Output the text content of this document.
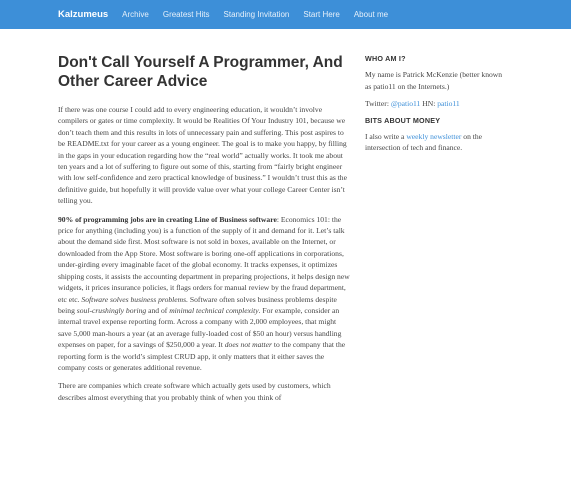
Kalzumeus Archive Greatest Hits Standing Invitation Start Here About me
Don't Call Yourself A Programmer, And Other Career Advice

If there was one course I could add to every engineering education, it wouldn’t involve compilers or gates or time complexity. It would be Realities Of Your Industry 101, because we don’t teach them and this results in lots of unnecessary pain and suffering. This post aspires to be README.txt for your career as a young engineer. The goal is to make you happy, by filling in the gaps in your education regarding how the “real world” actually works. It took me about ten years and a lot of suffering to figure out some of this, starting from “fairly bright engineer with low self-confidence and zero practical knowledge of business.” I wouldn’t trust this as the definitive guide, but hopefully it will provide value over what your college Career Center isn’t telling you.

90% of programming jobs are in creating Line of Business software: Economics 101: the price for anything (including you) is a function of the supply of it and demand for it. Let’s talk about the demand side first. Most software is not sold in boxes, available on the Internet, or downloaded from the App Store. Most software is boring one-off applications in corporations, under-girding every imaginable facet of the global economy. It tracks expenses, it optimizes shipping costs, it assists the accounting department in preparing projections, it helps design new widgets, it prices insurance policies, it flags orders for manual review by the fraud department, etc etc. Software solves business problems. Software often solves business problems despite being soul-crushingly boring and of minimal technical complexity. For example, consider an internal travel expense reporting form. Across a company with 2,000 employees, that might save 5,000 man-hours a year (at an average fully-loaded cost of $50 an hour) versus handling expenses on paper, for a savings of $250,000 a year. It does not matter to the company that the reporting form is the world’s simplest CRUD app, it only matters that it either saves the company costs or generates additional revenue.

There are companies which create software which actually gets used by customers, which describes almost everything that you probably think of when you think of

WHO AM I?
My name is Patrick McKenzie (better known as patio11 on the Internets.)
Twitter: @patio11 HN: patio11
BITS ABOUT MONEY
I also write a weekly newsletter on the intersection of tech and finance.
